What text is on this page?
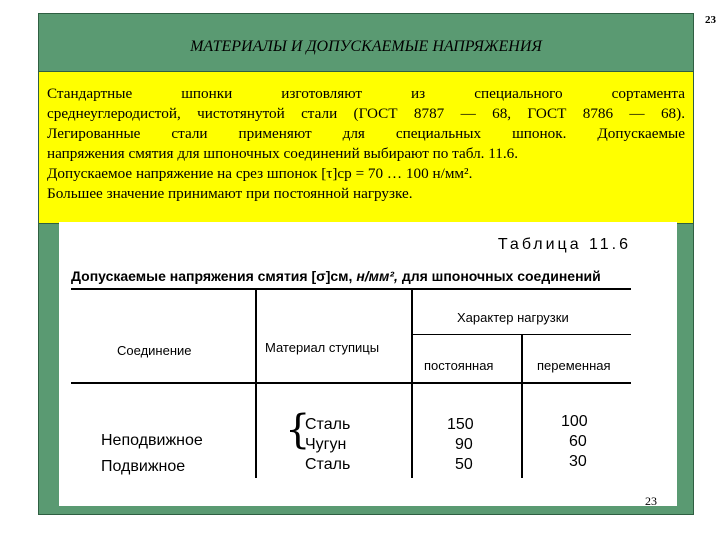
23
МАТЕРИАЛЫ И ДОПУСКАЕМЫЕ НАПРЯЖЕНИЯ
Стандартные шпонки изготовляют из специального сортамента
среднеуглеродистой, чистотянутой стали (ГОСТ 8787 — 68, ГОСТ 8786 — 68).
Легированные стали применяют для специальных шпонок. Допускаемые
напряжения смятия для шпоночных соединений выбирают по табл. 11.6.
Допускаемое напряжение на срез шпонок [τ]ср = 70 … 100 н/мм².
Большее значение принимают при постоянной нагрузке.
Таблица 11.6
Допускаемые напряжения смятия [σ]см, н/мм², для шпоночных соединений
Соединение	Материал ступицы
Характер нагрузки
постоянная	переменная
Неподвижное
Подвижное
{
Сталь
Чугун
Сталь
150
90
50
100
60
30
23
